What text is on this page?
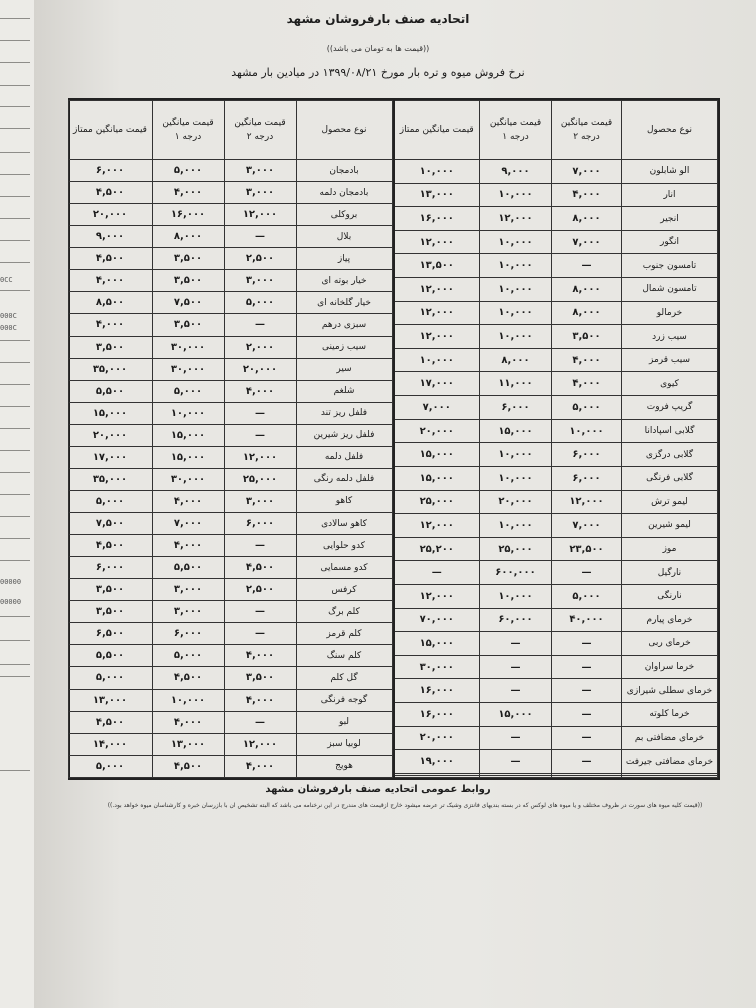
0CC
000C
000C
00000
00000
اتحادیه صنف بارفروشان مشهد
((قیمت ها به تومان می باشد))
نرخ فروش میوه و تره بار مورخ ۱۳۹۹/۰۸/۲۱ در میادین بار مشهد
نوع محصول	قیمت میانگین درجه ۲	قیمت میانگین درجه ۱	قیمت میانگین ممتاز
الو شابلون	۷,۰۰۰	۹,۰۰۰	۱۰,۰۰۰
انار	۴,۰۰۰	۱۰,۰۰۰	۱۳,۰۰۰
انجیر	۸,۰۰۰	۱۲,۰۰۰	۱۶,۰۰۰
انگور	۷,۰۰۰	۱۰,۰۰۰	۱۲,۰۰۰
تامسون جنوب	—	۱۰,۰۰۰	۱۳,۵۰۰
تامسون شمال	۸,۰۰۰	۱۰,۰۰۰	۱۲,۰۰۰
خرمالو	۸,۰۰۰	۱۰,۰۰۰	۱۲,۰۰۰
سیب زرد	۳,۵۰۰	۱۰,۰۰۰	۱۲,۰۰۰
سیب قرمز	۴,۰۰۰	۸,۰۰۰	۱۰,۰۰۰
کیوی	۴,۰۰۰	۱۱,۰۰۰	۱۷,۰۰۰
گریپ فروت	۵,۰۰۰	۶,۰۰۰	۷,۰۰۰
گلابی اسپادانا	۱۰,۰۰۰	۱۵,۰۰۰	۲۰,۰۰۰
گلابی درگزی	۶,۰۰۰	۱۰,۰۰۰	۱۵,۰۰۰
گلابی فرنگی	۶,۰۰۰	۱۰,۰۰۰	۱۵,۰۰۰
لیمو ترش	۱۲,۰۰۰	۲۰,۰۰۰	۲۵,۰۰۰
لیمو شیرین	۷,۰۰۰	۱۰,۰۰۰	۱۲,۰۰۰
موز	۲۳,۵۰۰	۲۵,۰۰۰	۲۵,۲۰۰
نارگیل	—	۶۰۰,۰۰۰	—
نارنگی	۵,۰۰۰	۱۰,۰۰۰	۱۲,۰۰۰
خرمای پیارم	۴۰,۰۰۰	۶۰,۰۰۰	۷۰,۰۰۰
خرمای ربی	—	—	۱۵,۰۰۰
خرما سراوان	—	—	۳۰,۰۰۰
خرمای سطلی شیرازی	—	—	۱۶,۰۰۰
خرما کلوته	—	۱۵,۰۰۰	۱۶,۰۰۰
خرمای مضافتی بم	—	—	۲۰,۰۰۰
خرمای مضافتی جیرفت	—	—	۱۹,۰۰۰

نوع محصول	قیمت میانگین درجه ۲	قیمت میانگین درجه ۱	قیمت میانگین ممتاز
بادمجان	۳,۰۰۰	۵,۰۰۰	۶,۰۰۰
بادمجان دلمه	۳,۰۰۰	۴,۰۰۰	۴,۵۰۰
بروکلی	۱۲,۰۰۰	۱۶,۰۰۰	۲۰,۰۰۰
بلال	—	۸,۰۰۰	۹,۰۰۰
پیاز	۲,۵۰۰	۳,۵۰۰	۴,۵۰۰
خیار بوته ای	۳,۰۰۰	۳,۵۰۰	۴,۰۰۰
خیار گلخانه ای	۵,۰۰۰	۷,۵۰۰	۸,۵۰۰
سبزی درهم	—	۳,۵۰۰	۴,۰۰۰
سیب زمینی	۲,۰۰۰	۳۰,۰۰۰	۳,۵۰۰
سیر	۲۰,۰۰۰	۳۰,۰۰۰	۳۵,۰۰۰
شلغم	۴,۰۰۰	۵,۰۰۰	۵,۵۰۰
فلفل ریز تند	—	۱۰,۰۰۰	۱۵,۰۰۰
فلفل ریز شیرین	—	۱۵,۰۰۰	۲۰,۰۰۰
فلفل دلمه	۱۲,۰۰۰	۱۵,۰۰۰	۱۷,۰۰۰
فلفل دلمه رنگی	۲۵,۰۰۰	۳۰,۰۰۰	۳۵,۰۰۰
کاهو	۳,۰۰۰	۴,۰۰۰	۵,۰۰۰
کاهو سالادی	۶,۰۰۰	۷,۰۰۰	۷,۵۰۰
کدو حلوایی	—	۴,۰۰۰	۴,۵۰۰
کدو مسمایی	۴,۵۰۰	۵,۵۰۰	۶,۰۰۰
کرفس	۲,۵۰۰	۳,۰۰۰	۳,۵۰۰
کلم برگ	—	۳,۰۰۰	۳,۵۰۰
کلم قرمز	—	۶,۰۰۰	۶,۵۰۰
کلم سنگ	۴,۰۰۰	۵,۰۰۰	۵,۵۰۰
گل کلم	۳,۵۰۰	۴,۵۰۰	۵,۰۰۰
گوجه فرنگی	۴,۰۰۰	۱۰,۰۰۰	۱۳,۰۰۰
لبو	—	۴,۰۰۰	۴,۵۰۰
لوبیا سبز	۱۲,۰۰۰	۱۳,۰۰۰	۱۴,۰۰۰
هویج	۴,۰۰۰	۴,۵۰۰	۵,۰۰۰
روابط عمومی اتحادیه صنف بارفروشان مشهد
((قیمت کلیه میوه های سورت در ظروف مختلف و یا میوه های لوکس که در بسته بندیهای فانتزی وشیک تر عرضه میشود خارج ازقیمت های مندرج در این نرخنامه می باشد که البته تشخیص آن با بازرسان خبره و کارشناسان میوه خواهد بود.))
